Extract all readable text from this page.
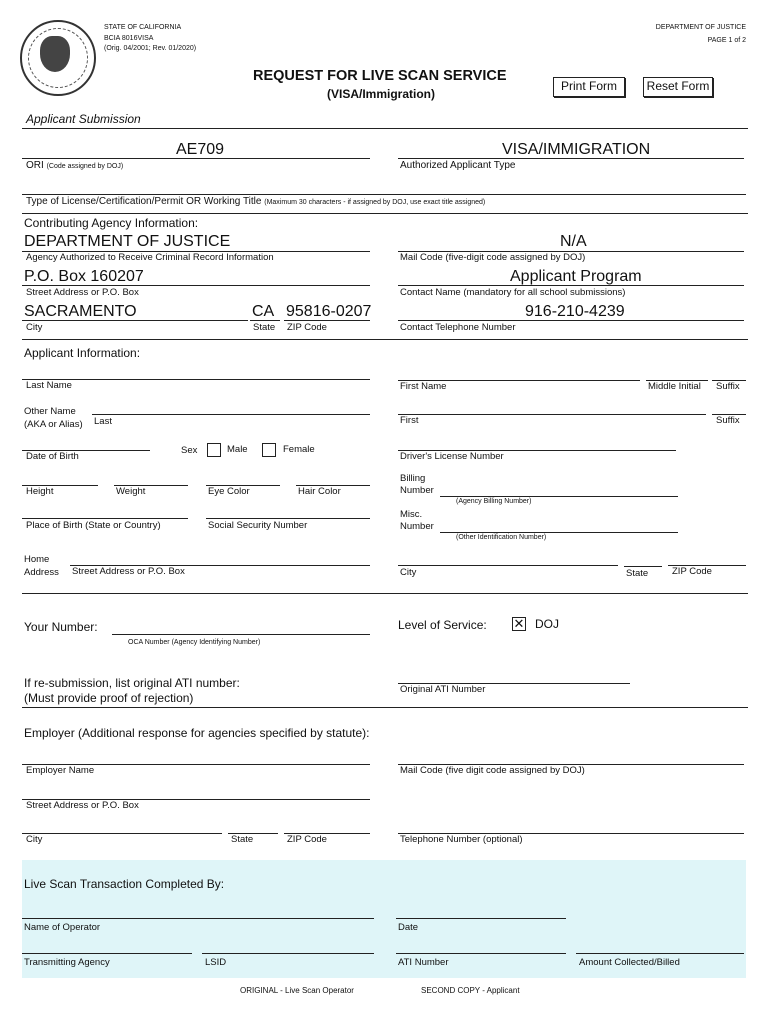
STATE OF CALIFORNIA
BCIA 8016VISA
(Orig. 04/2001; Rev. 01/2020)
DEPARTMENT OF JUSTICE
PAGE 1 of 2
REQUEST FOR LIVE SCAN SERVICE
(VISA/Immigration)
Print Form	Reset Form
Applicant Submission
AE709
ORI (Code assigned by DOJ)
VISA/IMMIGRATION
Authorized Applicant Type
Type of License/Certification/Permit OR Working Title (Maximum 30 characters - if assigned by DOJ, use exact title assigned)
Contributing Agency Information:
DEPARTMENT OF JUSTICE
Agency Authorized to Receive Criminal Record Information
N/A
Mail Code (five-digit code assigned by DOJ)
P.O. Box 160207
Street Address or P.O. Box
Applicant Program
Contact Name (mandatory for all school submissions)
SACRAMENTO	CA 95816-0207
City	State ZIP Code
916-210-4239
Contact Telephone Number
Applicant Information:
Last Name	First Name	Middle Initial Suffix
Other Name
(AKA or Alias) Last	First	Suffix
Date of Birth
Sex	Male	Female
Driver's License Number
Height	Weight	Eye Color	Hair Color
Billing
Number
(Agency Billing Number)
Place of Birth (State or Country)	Social Security Number
Misc.
Number
(Other Identification Number)
Home
Address Street Address or P.O. Box	City	State	ZIP Code
Your Number:
OCA Number (Agency Identifying Number)
Level of Service: ✕ DOJ
If re-submission, list original ATI number:
(Must provide proof of rejection)
Original ATI Number
Employer (Additional response for agencies specified by statute):
Employer Name	Mail Code (five digit code assigned by DOJ)
Street Address or P.O. Box
City	State	ZIP Code	Telephone Number (optional)
Live Scan Transaction Completed By:
Name of Operator	Date
Transmitting Agency	LSID	ATI Number	Amount Collected/Billed
ORIGINAL - Live Scan Operator	SECOND COPY - Applicant
